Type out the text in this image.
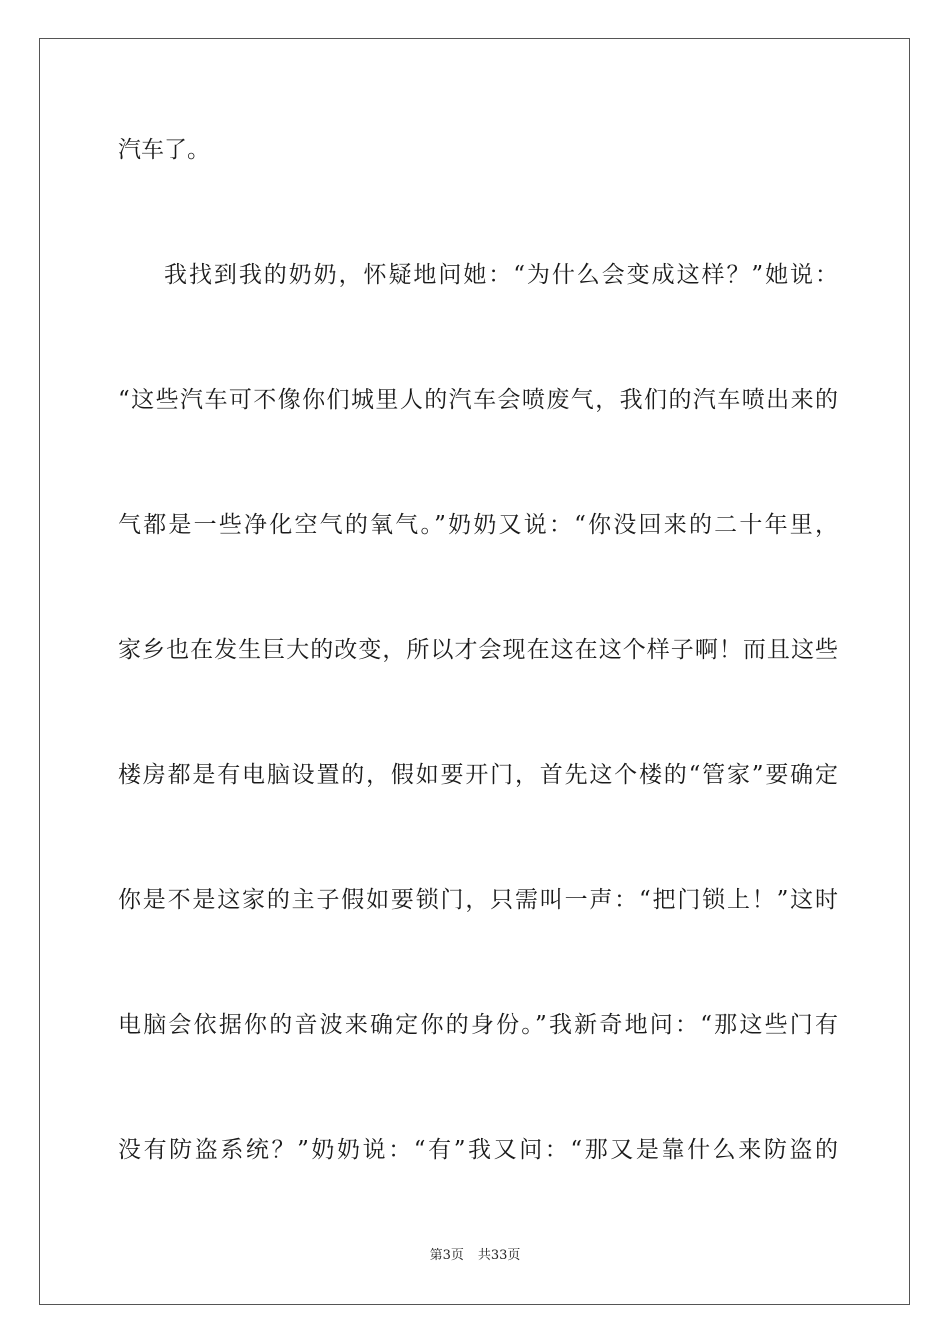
汽车了。
我找到我的奶奶，怀疑地问她：“为什么会变成这样？”她说：
“这些汽车可不像你们城里人的汽车会喷废气，我们的汽车喷出来的
气都是一些净化空气的氧气。”奶奶又说：“你没回来的二十年里，
家乡也在发生巨大的改变，所以才会现在这在这个样子啊！而且这些
楼房都是有电脑设置的，假如要开门，首先这个楼的“管家”要确定
你是不是这家的主子假如要锁门，只需叫一声：“把门锁上！”这时
电脑会依据你的音波来确定你的身份。”我新奇地问：“那这些门有
没有防盗系统？”奶奶说：“有”我又问：“那又是靠什么来防盗的
第3页 共33页
